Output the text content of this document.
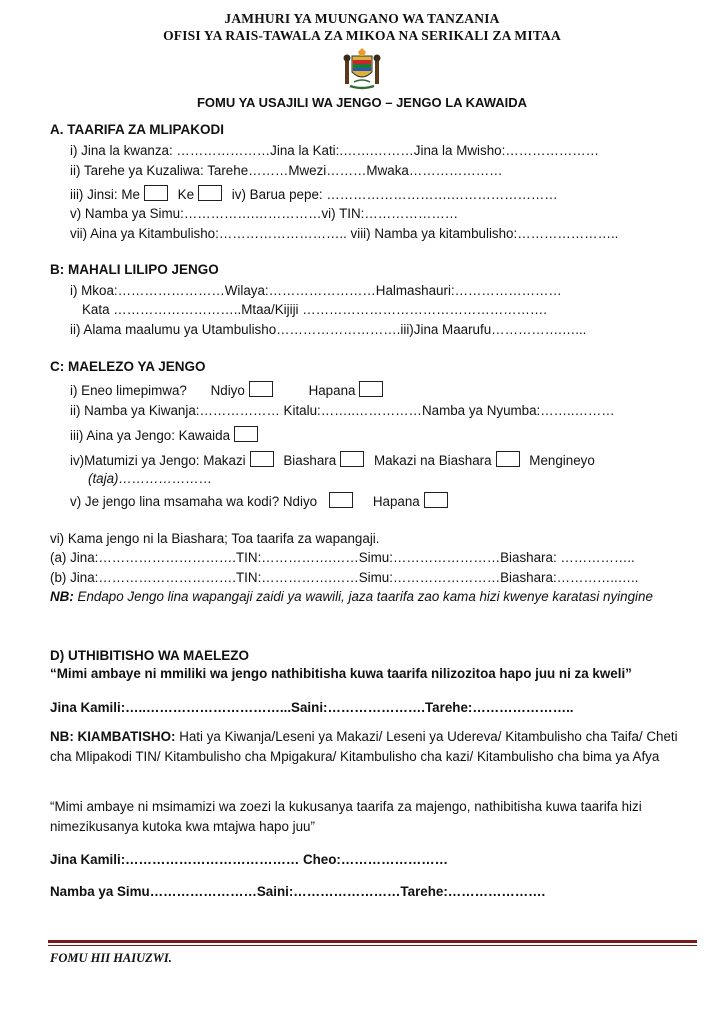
JAMHURI YA MUUNGANO WA TANZANIA
OFISI YA RAIS-TAWALA ZA MIKOA NA SERIKALI ZA MITAA
FOMU YA USAJILI WA JENGO – JENGO LA KAWAIDA
A. TAARIFA ZA MLIPAKODI
i) Jina la kwanza: …………………Jina la Kati:.…….………Jina la Mwisho:…………………
ii) Tarehe ya Kuzaliwa: Tarehe………Mwezi………Mwaka…………………
iii) Jinsi: Me	Ke	iv) Barua pepe: ……………………….……………………
v) Namba ya Simu:…………….……………vi) TIN:…………………
vii) Aina ya Kitambulisho:……………………….. viii) Namba ya kitambulisho:…………………..
B: MAHALI LILIPO JENGO
i) Mkoa:……………………Wilaya:……………………Halmashauri:……………………
Kata ………………………..Mtaa/Kijiji ……………………………………………….
ii) Alama maalumu ya Utambulisho……………………….iii)Jina Maarufu…………….…...
C: MAELEZO YA JENGO
i) Eneo limepimwa? Ndiyo	Hapana
ii) Namba ya Kiwanja:……………… Kitalu:……..……………Namba ya Nyumba:……..………
iii) Aina ya Jengo: Kawaida
iv)Matumizi ya Jengo: Makazi	Biashara	Makazi na Biashara	Mengineyo
(taja)…………………
v) Je jengo lina msamaha wa kodi? Ndiyo	Hapana
vi) Kama jengo ni la Biashara; Toa taarifa za wapangaji.
(a) Jina:………………………….TIN:…………….……Simu:……………………Biashara: ……………..
(b) Jina:………………………….TIN:…………….……Simu:……………………Biashara:…………..…..
NB: Endapo Jengo lina wapangaji zaidi ya wawili, jaza taarifa zao kama hizi kwenye karatasi nyingine
D) UTHIBITISHO WA MAELEZO
“Mimi ambaye ni mmiliki wa jengo nathibitisha kuwa taarifa nilizozitoa hapo juu ni za kweli”
Jina Kamili:…..…………………………...Saini:………………….Tarehe:…………………..
NB: KIAMBATISHO: Hati ya Kiwanja/Leseni ya Makazi/ Leseni ya Udereva/ Kitambulisho cha Taifa/ Cheti cha Mlipakodi TIN/ Kitambulisho cha Mpigakura/ Kitambulisho cha kazi/ Kitambulisho cha bima ya Afya
“Mimi ambaye ni msimamizi wa zoezi la kukusanya taarifa za majengo, nathibitisha kuwa taarifa hizi nimezikusanya kutoka kwa mtajwa hapo juu”
Jina Kamili:………………………………… Cheo:……………………
Namba ya Simu……………………Saini:……………………Tarehe:………………….
FOMU HII HAIUZWI.
